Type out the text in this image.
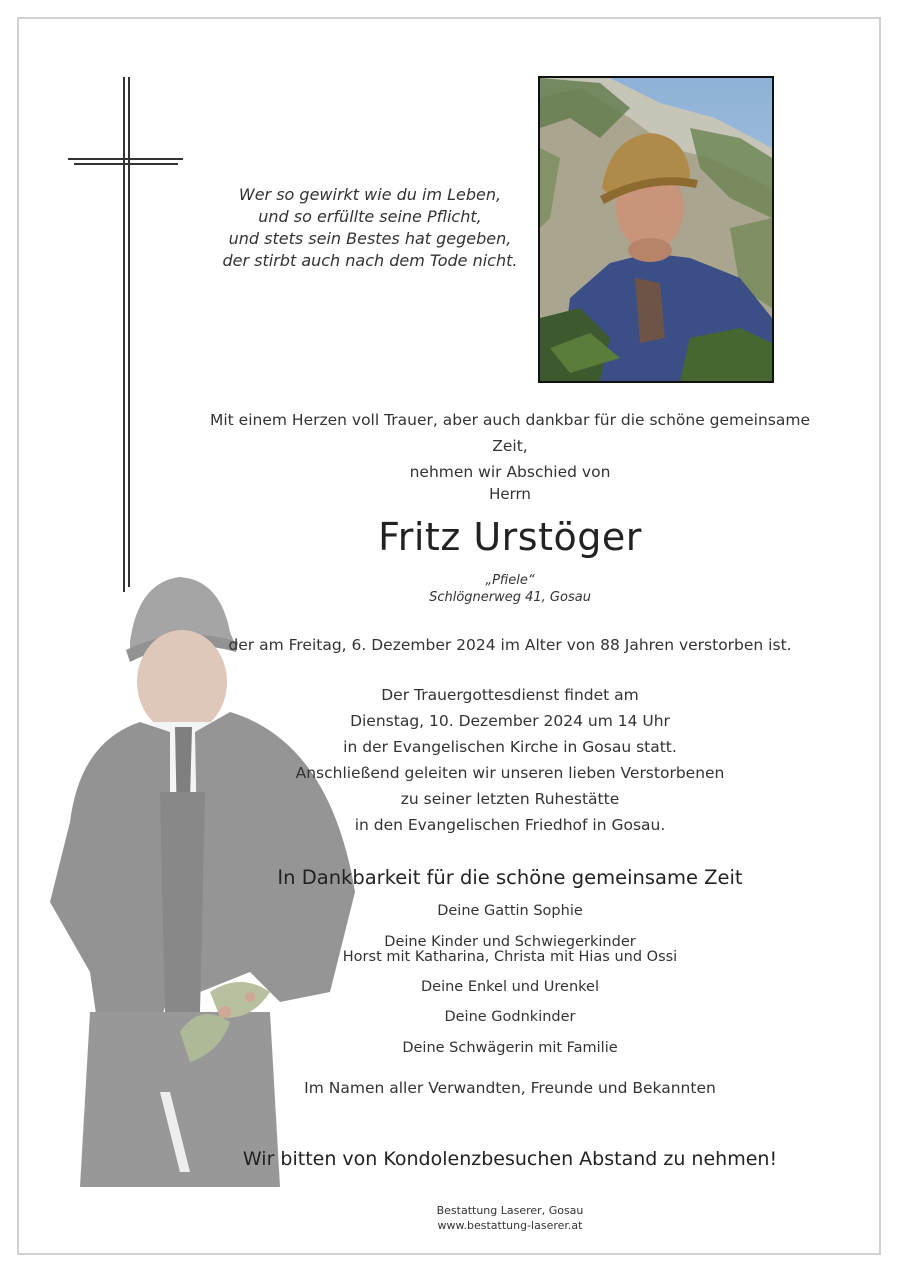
Wer so gewirkt wie du im Leben,
und so erfüllte seine Pflicht,
und stets sein Bestes hat gegeben,
der stirbt auch nach dem Tode nicht.
Mit einem Herzen voll Trauer, aber auch dankbar für die schöne gemeinsame Zeit,
nehmen wir Abschied von
Herrn
Fritz Urstöger
„Pfiele“
Schlögnerweg 41, Gosau
der am Freitag, 6. Dezember 2024 im Alter von 88 Jahren verstorben ist.
Der Trauergottesdienst findet am
Dienstag, 10. Dezember 2024 um 14 Uhr
in der Evangelischen Kirche in Gosau statt.
Anschließend geleiten wir unseren lieben Verstorbenen
zu seiner letzten Ruhestätte
in den Evangelischen Friedhof in Gosau.
In Dankbarkeit für die schöne gemeinsame Zeit
Deine Gattin Sophie
Deine Kinder und Schwiegerkinder
Horst mit Katharina, Christa mit Hias und Ossi
Deine Enkel und Urenkel
Deine Godnkinder
Deine Schwägerin mit Familie
Im Namen aller Verwandten, Freunde und Bekannten
Wir bitten von Kondolenzbesuchen Abstand zu nehmen!
Bestattung Laserer, Gosau
www.bestattung-laserer.at
